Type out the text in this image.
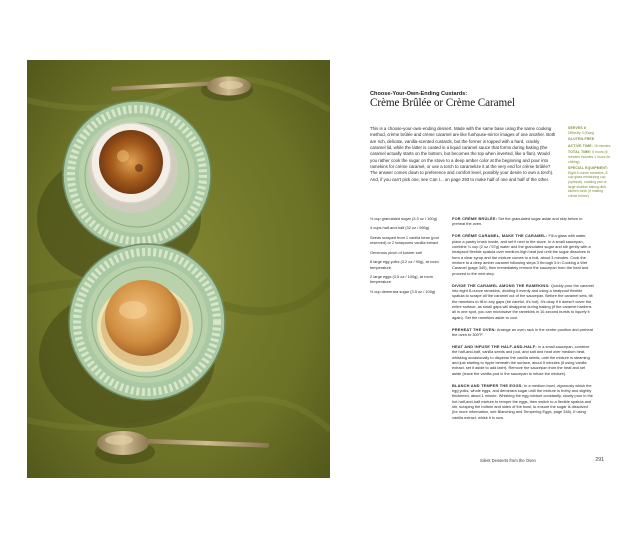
Choose-Your-Own-Ending Custards:
Crème Brûlée or Crème Caramel

This is a choose-your-own-ending dessert. Made with the same base using the same cooking method, crème brûlée and crème caramel are like funhouse-mirror images of one another. Both are rich, delicate, vanilla-scented custards, but the former is topped with a hard, crackly caramel lid, while the latter is coated in a liquid caramel sauce that forms during baking (the caramel actually starts on the bottom, but becomes the top when inverted, like a flan). Would you rather cook the sugar on the stove to a deep amber color at the beginning and pour into ramekins for crème caramel, or use a torch to caramelize it at the very end for crème brûlée? The answer comes down to preference and comfort level, possibly your desire to own a torch). And, if you can't pick one, see Can I... on page 293 to make half of one and half of the other.

SERVES 6
Difficulty 3 (Easy)

GLUTEN-FREE

ACTIVE TIME: 15 minutes

TOTAL TIME: 6 hours (6 minutes includes 1 hours for chilling)

SPECIAL EQUIPMENT:
Eight 6-ounce ramekins, 8-cup glass measuring cup (optional), roasting pan or large shallow baking dish, kitchen torch (if making crème brûlée)

½ cup granulated sugar (3.3 oz / 100g)
4 cups half-and-half (32 oz / 960g)
Seeds scraped from 1 vanilla bean (pod reserved) or 2 teaspoons vanilla extract
Generous pinch of kosher salt
6 large egg yolks (3.2 oz / 90g), at room temperature
2 large eggs (3.5 oz / 100g), at room temperature
½ cup demerara sugar (3.5 oz / 100g)

FOR CRÈME BRÛLÉE: Set the granulated sugar aside and skip below to preheat the oven.

FOR CRÈME CARAMEL, MAKE THE CARAMEL: Fill a glass with water, place a pastry brush inside, and set it next to the stove. In a small saucepan, combine ¼ cup (2 oz / 57g) water and the granulated sugar and stir gently with a heatproof flexible spatula over medium-high heat just until the sugar dissolves to form a clear syrup and the mixture comes to a boil, about 3 minutes. Cook the mixture to a deep amber caramel following steps 3 through 5 in Cooking a Wet Caramel (page 340), then immediately remove the saucepan from the heat and proceed to the next step.

DIVIDE THE CARAMEL AMONG THE RAMEKINS: Quickly pour the caramel into eight 6-ounce ramekins, dividing it evenly and using a heatproof flexible spatula to scrape all the caramel out of the saucepan. Before the caramel sets, tilt the ramekins to fill in any gaps (be careful, it's hot). It's okay if it doesn't cover the entire surface, as small gaps will disappear during baking (if the caramel hardens all in one spot, you can microwave the ramekins in 10-second bursts to liquefy it again). Set the ramekins aside to cool.

PREHEAT THE OVEN: Arrange an oven rack in the center position and preheat the oven to 300°F.

HEAT AND INFUSE THE HALF-AND-HALF: In a small saucepan, combine the half-and-half, vanilla seeds and pod, and salt and heat over medium heat, whisking occasionally to disperse the vanilla seeds, until the mixture is steaming and just starting to ripple beneath the surface, about 5 minutes (if using vanilla extract, set it aside to add later). Remove the saucepan from the heat and set aside (leave the vanilla pod in the saucepan to infuse the mixture).

BLANCH AND TEMPER THE EGGS: In a medium bowl, vigorously whisk the egg yolks, whole eggs, and demerara sugar until the mixture is frothy and slightly thickened, about 1 minute. Whisking the egg mixture constantly, slowly pour in the hot half-and-half mixture to temper the eggs, then switch to a flexible spatula and stir, scraping the bottom and sides of the bowl, to ensure the sugar is dissolved (for more information, see Blanching and Tempering Eggs, page 346). If using vanilla extract, whisk it in now.

Silent Desserts from the Oven	291
